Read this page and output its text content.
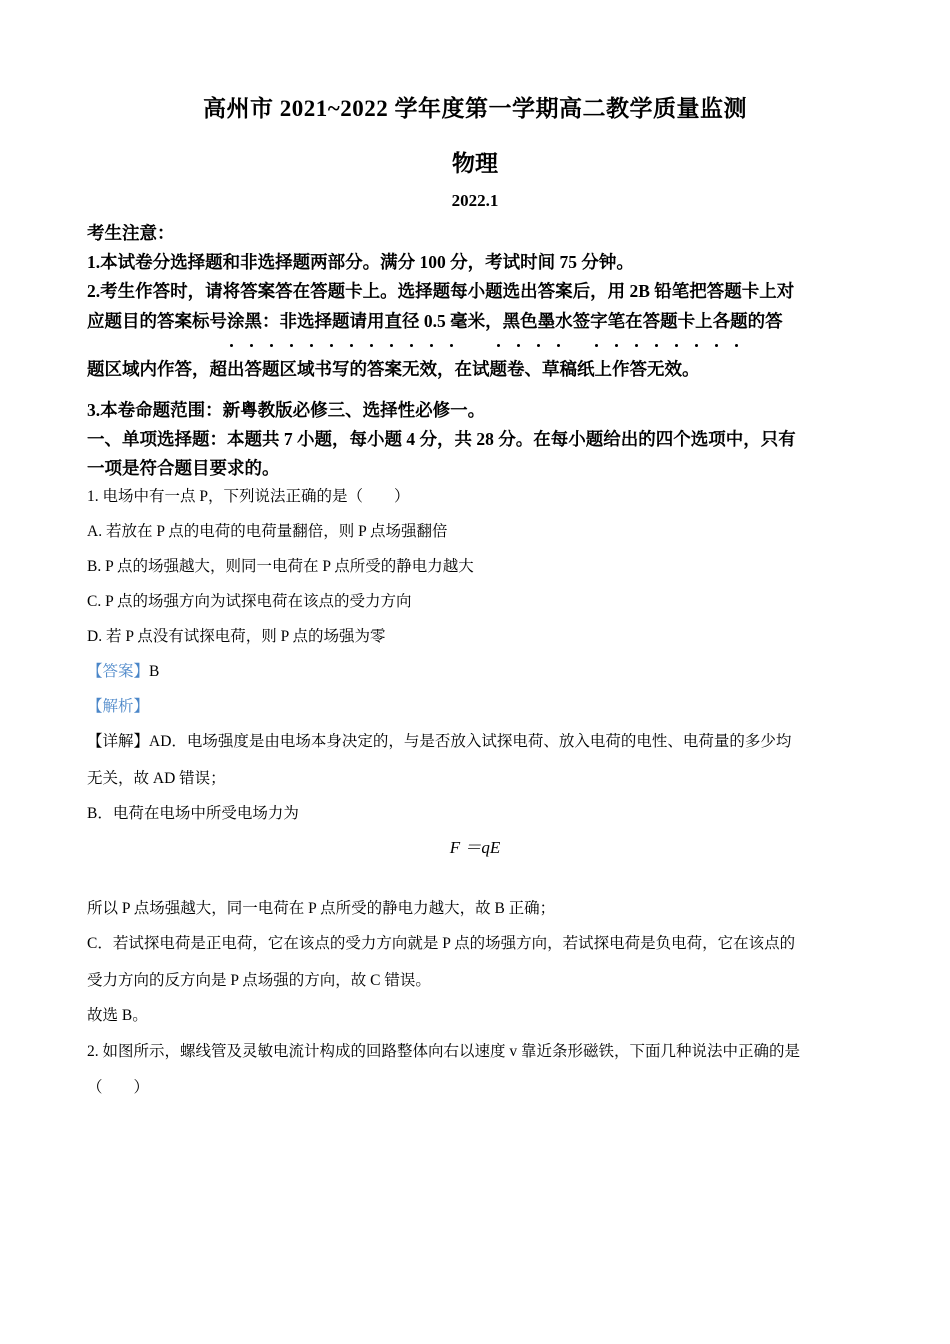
高州市 2021~2022 学年度第一学期高二教学质量监测
物理
2022.1
考生注意：
1.本试卷分选择题和非选择题两部分。满分 100 分，考试时间 75 分钟。
2.考生作答时，请将答案答在答题卡上。选择题每小题选出答案后，用 2B 铅笔把答题卡上对
应题目的答案标号涂黑：非选择题请用直径 0.5 毫米，黑色墨水签字笔在答题卡上各题的答
题区域内作答，超出答题区域书写的答案无效，在试题卷、草稿纸上作答无效。
3.本卷命题范围：新粤教版必修三、选择性必修一。
一、单项选择题：本题共 7 小题，每小题 4 分，共 28 分。在每小题给出的四个选项中，只有
一项是符合题目要求的。
1. 电场中有一点 P，下列说法正确的是（　　）
A. 若放在 P 点的电荷的电荷量翻倍，则 P 点场强翻倍
B. P 点的场强越大，则同一电荷在 P 点所受的静电力越大
C. P 点的场强方向为试探电荷在该点的受力方向
D. 若 P 点没有试探电荷，则 P 点的场强为零
【答案】B
【解析】
【详解】AD．电场强度是由电场本身决定的，与是否放入试探电荷、放入电荷的电性、电荷量的多少均
无关，故 AD 错误；
B．电荷在电场中所受电场力为
F ＝qE
所以 P 点场强越大，同一电荷在 P 点所受的静电力越大，故 B 正确；
C．若试探电荷是正电荷，它在该点的受力方向就是 P 点的场强方向，若试探电荷是负电荷，它在该点的
受力方向的反方向是 P 点场强的方向，故 C 错误。
故选 B。
2. 如图所示，螺线管及灵敏电流计构成的回路整体向右以速度 v 靠近条形磁铁，下面几种说法中正确的是
（　　）
